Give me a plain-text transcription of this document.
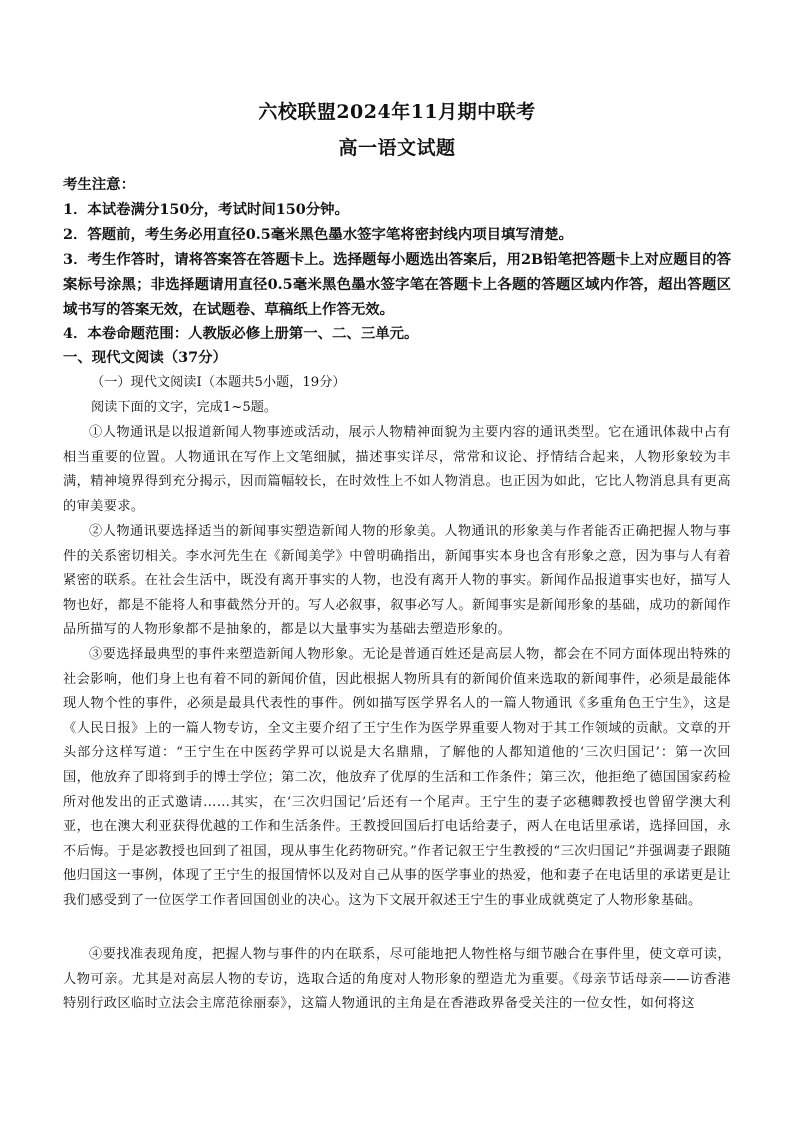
六校联盟2024年11月期中联考
高一语文试题
考生注意：
1．本试卷满分150分，考试时间150分钟。
2．答题前，考生务必用直径0.5毫米黑色墨水签字笔将密封线内项目填写清楚。
3．考生作答时，请将答案答在答题卡上。选择题每小题选出答案后，用2B铅笔把答题卡上对应题目的答案标号涂黑；非选择题请用直径0.5毫米黑色墨水签字笔在答题卡上各题的答题区域内作答，超出答题区域书写的答案无效，在试题卷、草稿纸上作答无效。
4．本卷命题范围：人教版必修上册第一、二、三单元。
一、现代文阅读（37分）
（一）现代文阅读Ⅰ（本题共5小题，19分）
阅读下面的文字，完成1~5题。
①人物通讯是以报道新闻人物事迹或活动，展示人物精神面貌为主要内容的通讯类型。它在通讯体裁中占有相当重要的位置。人物通讯在写作上文笔细腻，描述事实详尽，常常和议论、抒情结合起来，人物形象较为丰满，精神境界得到充分揭示，因而篇幅较长，在时效性上不如人物消息。也正因为如此，它比人物消息具有更高的审美要求。
②人物通讯要选择适当的新闻事实塑造新闻人物的形象美。人物通讯的形象美与作者能否正确把握人物与事件的关系密切相关。李水河先生在《新闻美学》中曾明确指出，新闻事实本身也含有形象之意，因为事与人有着紧密的联系。在社会生活中，既没有离开事实的人物，也没有离开人物的事实。新闻作品报道事实也好，描写人物也好，都是不能将人和事截然分开的。写人必叙事，叙事必写人。新闻事实是新闻形象的基础，成功的新闻作品所描写的人物形象都不是抽象的，都是以大量事实为基础去塑造形象的。
③要选择最典型的事件来塑造新闻人物形象。无论是普通百姓还是高层人物，都会在不同方面体现出特殊的社会影响，他们身上也有着不同的新闻价值，因此根据人物所具有的新闻价值来选取的新闻事件，必须是最能体现人物个性的事件，必须是最具代表性的事件。例如描写医学界名人的一篇人物通讯《多重角色王宁生》，这是《人民日报》上的一篇人物专访，全文主要介绍了王宁生作为医学界重要人物对于其工作领域的贡献。文章的开头部分这样写道：“王宁生在中医药学界可以说是大名鼎鼎，了解他的人都知道他的‘三次归国记’：第一次回国，他放弃了即将到手的博士学位；第二次，他放弃了优厚的生活和工作条件；第三次，他拒绝了德国国家药检所对他发出的正式邀请……其实，在‘三次归国记’后还有一个尾声。王宁生的妻子宓穗卿教授也曾留学澳大利亚，也在澳大利亚获得优越的工作和生活条件。王教授回国后打电话给妻子，两人在电话里承诺，选择回国，永不后悔。于是宓教授也回到了祖国，现从事生化药物研究。”作者记叙王宁生教授的“三次归国记”并强调妻子跟随他归国这一事例，体现了王宁生的报国情怀以及对自己从事的医学事业的热爱，他和妻子在电话里的承诺更是让我们感受到了一位医学工作者回国创业的决心。这为下文展开叙述王宁生的事业成就奠定了人物形象基础。
④要找准表现角度，把握人物与事件的内在联系，尽可能地把人物性格与细节融合在事件里，使文章可读，人物可亲。尤其是对高层人物的专访，选取合适的角度对人物形象的塑造尤为重要。《母亲节话母亲——访香港特别行政区临时立法会主席范徐丽泰》，这篇人物通讯的主角是在香港政界备受关注的一位女性，如何将这
